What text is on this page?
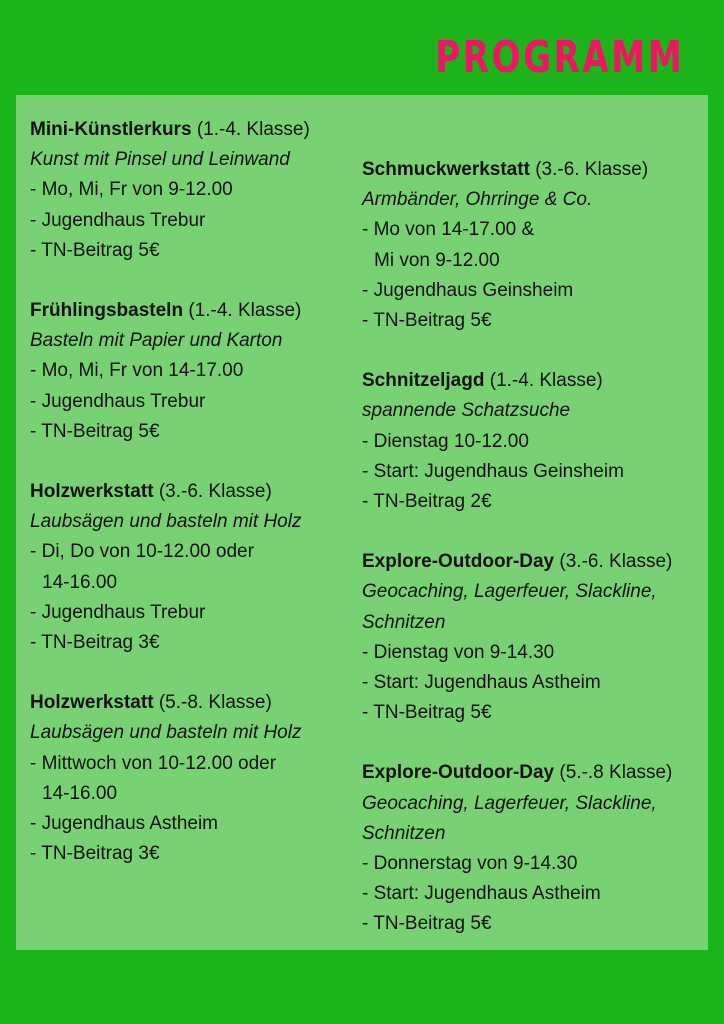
PROGRAMM
Mini-Künstlerkurs (1.-4. Klasse)
Kunst mit Pinsel und Leinwand
- Mo, Mi, Fr von 9-12.00
- Jugendhaus Trebur
- TN-Beitrag 5€
Frühlingsbasteln (1.-4. Klasse)
Basteln mit Papier und Karton
- Mo, Mi, Fr von 14-17.00
- Jugendhaus Trebur
- TN-Beitrag 5€
Holzwerkstatt (3.-6. Klasse)
Laubsägen und basteln mit Holz
- Di, Do von 10-12.00 oder
14-16.00
- Jugendhaus Trebur
- TN-Beitrag 3€
Holzwerkstatt (5.-8. Klasse)
Laubsägen und basteln mit Holz
- Mittwoch von 10-12.00 oder
14-16.00
- Jugendhaus Astheim
- TN-Beitrag 3€
Schmuckwerkstatt (3.-6. Klasse)
Armbänder, Ohrringe & Co.
- Mo von 14-17.00 &
Mi von 9-12.00
- Jugendhaus Geinsheim
- TN-Beitrag 5€
Schnitzeljagd (1.-4. Klasse)
spannende Schatzsuche
- Dienstag 10-12.00
- Start: Jugendhaus Geinsheim
- TN-Beitrag 2€
Explore-Outdoor-Day (3.-6. Klasse)
Geocaching, Lagerfeuer, Slackline,
Schnitzen
- Dienstag von 9-14.30
- Start: Jugendhaus Astheim
- TN-Beitrag 5€
Explore-Outdoor-Day (5.-.8 Klasse)
Geocaching, Lagerfeuer, Slackline,
Schnitzen
- Donnerstag von 9-14.30
- Start: Jugendhaus Astheim
- TN-Beitrag 5€
